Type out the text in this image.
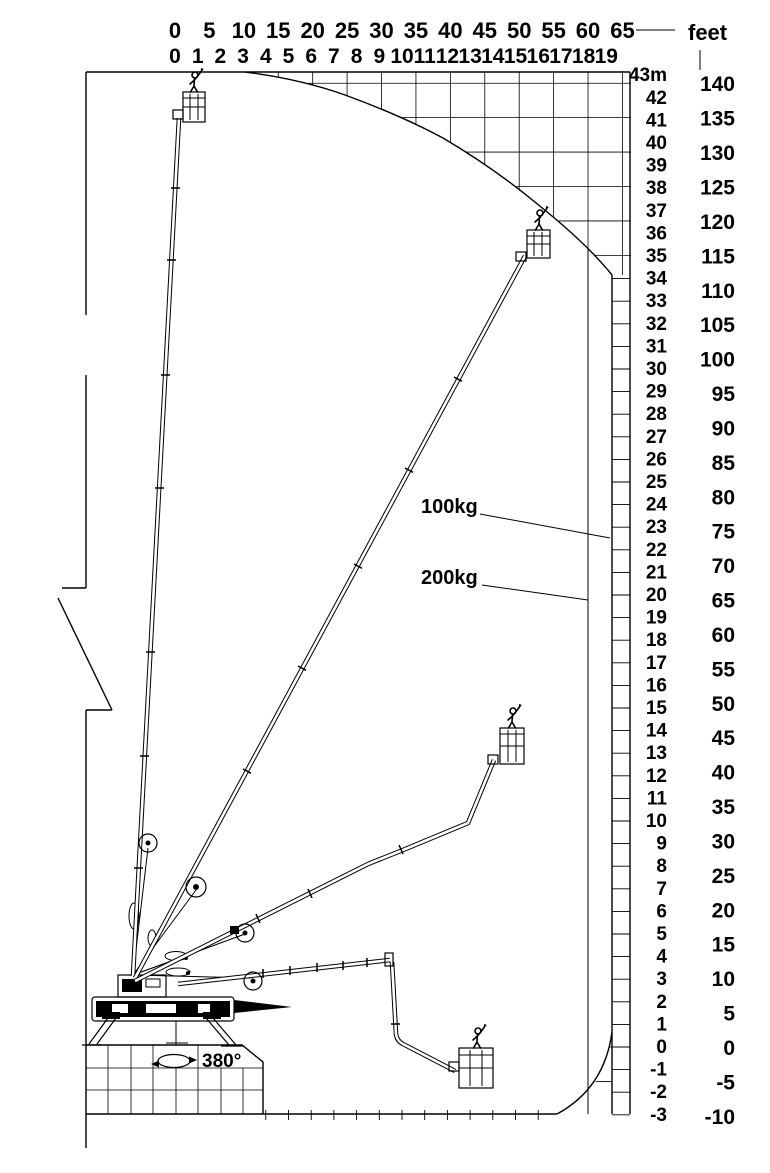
0 5 10 15 20 25 30 35 40 45 50 55 60 65
0 1 2 3 4 5 6 7 8 9 10 11 12 13 14 15 16 17 18 19
43m
42
41
40
39
38
37
36
35
34
33
32
31
30
29
28
27
26
25
24
23
22
21
20
19
18
17
16
15
14
13
12
11
10
9
8
7
6
5
4
3
2
1
0
-1
-2
-3
140
135
130
125
120
115
110
105
100
95
90
85
80
75
70
65
60
55
50
45
40
35
30
25
20
15
10
5
0
-5
-10
feet
100kg
200kg
380°
